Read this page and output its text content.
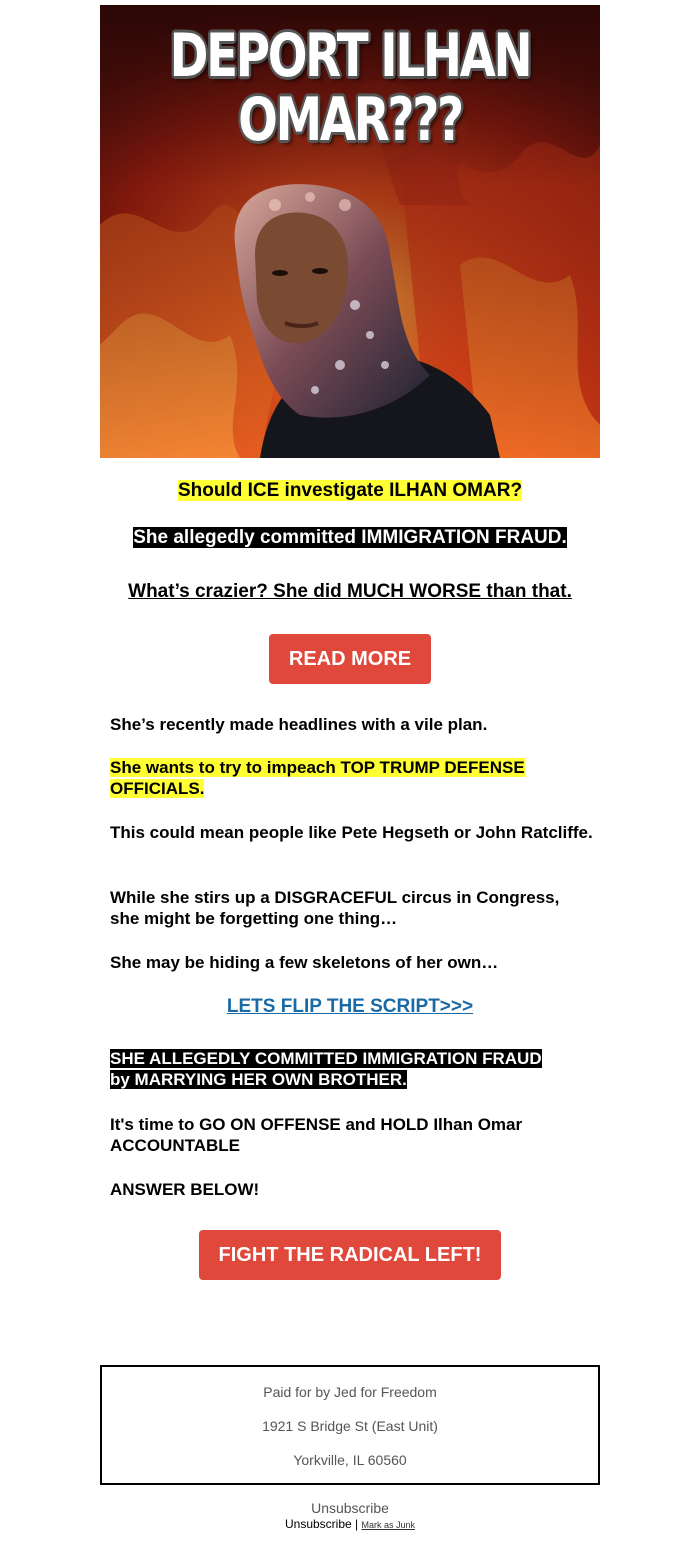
DEPORT ILHAN
OMAR???
Should ICE investigate ILHAN OMAR?
She allegedly committed IMMIGRATION FRAUD.
What’s crazier? She did MUCH WORSE than that.
READ MORE
She’s recently made headlines with a vile plan.
She wants to try to impeach TOP TRUMP DEFENSE OFFICIALS.
This could mean people like Pete Hegseth or John Ratcliffe.
While she stirs up a DISGRACEFUL circus in Congress, she might be forgetting one thing…
She may be hiding a few skeletons of her own…
LETS FLIP THE SCRIPT>>>
SHE ALLEGEDLY COMMITTED IMMIGRATION FRAUD
by MARRYING HER OWN BROTHER.
It's time to GO ON OFFENSE and HOLD Ilhan Omar ACCOUNTABLE
ANSWER BELOW!
FIGHT THE RADICAL LEFT!
Paid for by Jed for Freedom
1921 S Bridge St (East Unit)
Yorkville, IL 60560
Unsubscribe
Unsubscribe | Mark as Junk
